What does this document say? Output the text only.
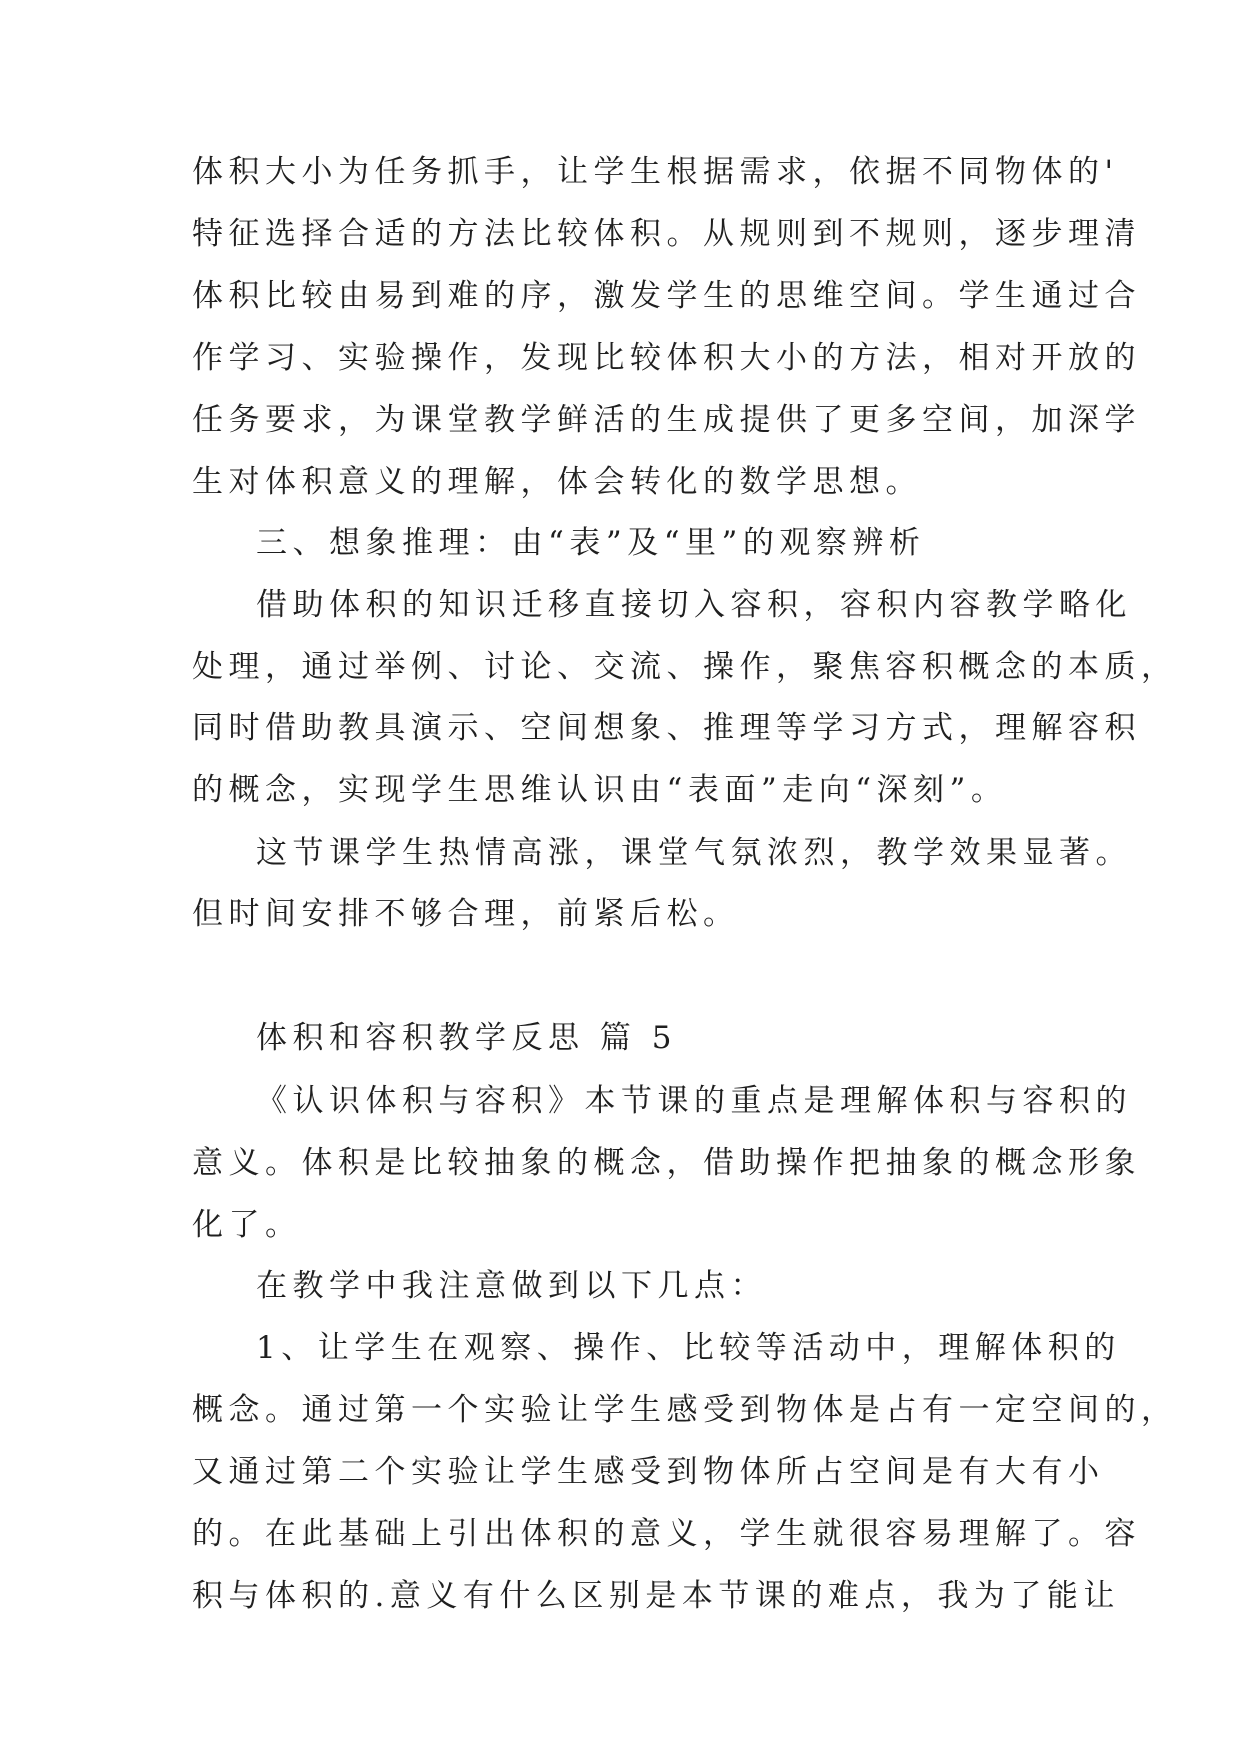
体积大小为任务抓手，让学生根据需求，依据不同物体的'
特征选择合适的方法比较体积。从规则到不规则，逐步理清
体积比较由易到难的序，激发学生的思维空间。学生通过合
作学习、实验操作，发现比较体积大小的方法，相对开放的
任务要求，为课堂教学鲜活的生成提供了更多空间，加深学
生对体积意义的理解，体会转化的数学思想。
三、想象推理：由“表”及“里”的观察辨析
借助体积的知识迁移直接切入容积，容积内容教学略化
处理，通过举例、讨论、交流、操作，聚焦容积概念的本质，
同时借助教具演示、空间想象、推理等学习方式，理解容积
的概念，实现学生思维认识由“表面”走向“深刻”。
这节课学生热情高涨，课堂气氛浓烈，教学效果显著。
但时间安排不够合理，前紧后松。
体积和容积教学反思 篇 5
《认识体积与容积》本节课的重点是理解体积与容积的
意义。体积是比较抽象的概念，借助操作把抽象的概念形象
化了。
在教学中我注意做到以下几点：
1、让学生在观察、操作、比较等活动中，理解体积的
概念。通过第一个实验让学生感受到物体是占有一定空间的，
又通过第二个实验让学生感受到物体所占空间是有大有小
的。在此基础上引出体积的意义，学生就很容易理解了。容
积与体积的.意义有什么区别是本节课的难点，我为了能让
